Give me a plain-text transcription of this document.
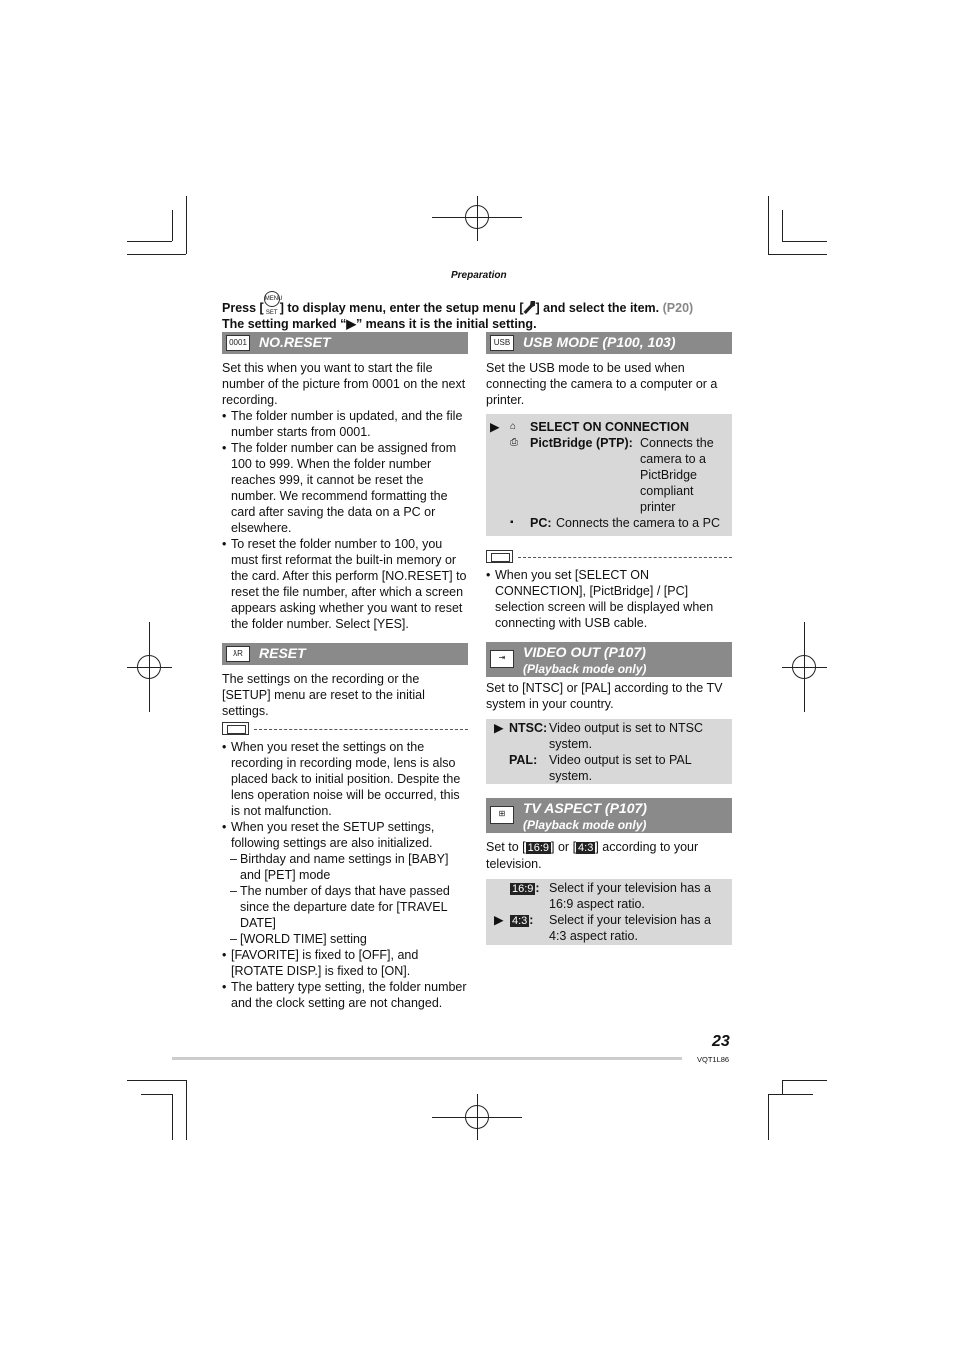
Preparation
Press [MENU SET ] to display menu, enter the setup menu [ ] and select the item. (P20)
The setting marked “▶” means it is the initial setting.
0001 NO.RESET

Set this when you want to start the file number of the picture from 0001 on the next recording.

• The folder number is updated, and the file number starts from 0001.
• The folder number can be assigned from 100 to 999. When the folder number reaches 999, it cannot be reset the number. We recommend formatting the card after saving the data on a PC or elsewhere.
• To reset the folder number to 100, you must first reformat the built-in memory or the card. After this perform [NO.RESET] to reset the file number, after which a screen appears asking whether you want to reset the folder number. Select [YES].
ƛR	RESET

The settings on the recording or the [SETUP] menu are reset to the initial settings.

• When you reset the settings on the recording in recording mode, lens is also placed back to initial position. Despite the lens operation noise will be occurred, this is not malfunction.
• When you reset the SETUP settings, following settings are also initialized.
– Birthday and name settings in [BABY] and [PET] mode
– The number of days that have passed since the departure date for [TRAVEL DATE]
– [WORLD TIME] setting
• [FAVORITE] is fixed to [OFF], and [ROTATE DISP.] is fixed to [ON].
• The battery type setting, the folder number and the clock setting are not changed.
USB USB MODE (P100, 103)

Set the USB mode to be used when connecting the camera to a computer or a printer.

▶ ⌂ SELECT ON CONNECTION
⎙ PictBridge (PTP): Connects the camera to a PictBridge compliant printer
▪ PC: Connects the camera to a PC
• When you set [SELECT ON CONNECTION], [PictBridge] / [PC] selection screen will be displayed when connecting with USB cable.
⇥	VIDEO OUT (P107)
(Playback mode only)

Set to [NTSC] or [PAL] according to the TV system in your country.

▶ NTSC: Video output is set to NTSC system.
PAL: Video output is set to PAL system.
⊞	TV ASPECT (P107)
(Playback mode only)

Set to [ 16:9 ] or [ 4:3 ] according to your television.

16:9 : Select if your television has a 16:9 aspect ratio.
▶ 4:3 : Select if your television has a 4:3 aspect ratio.
23
VQT1L86
